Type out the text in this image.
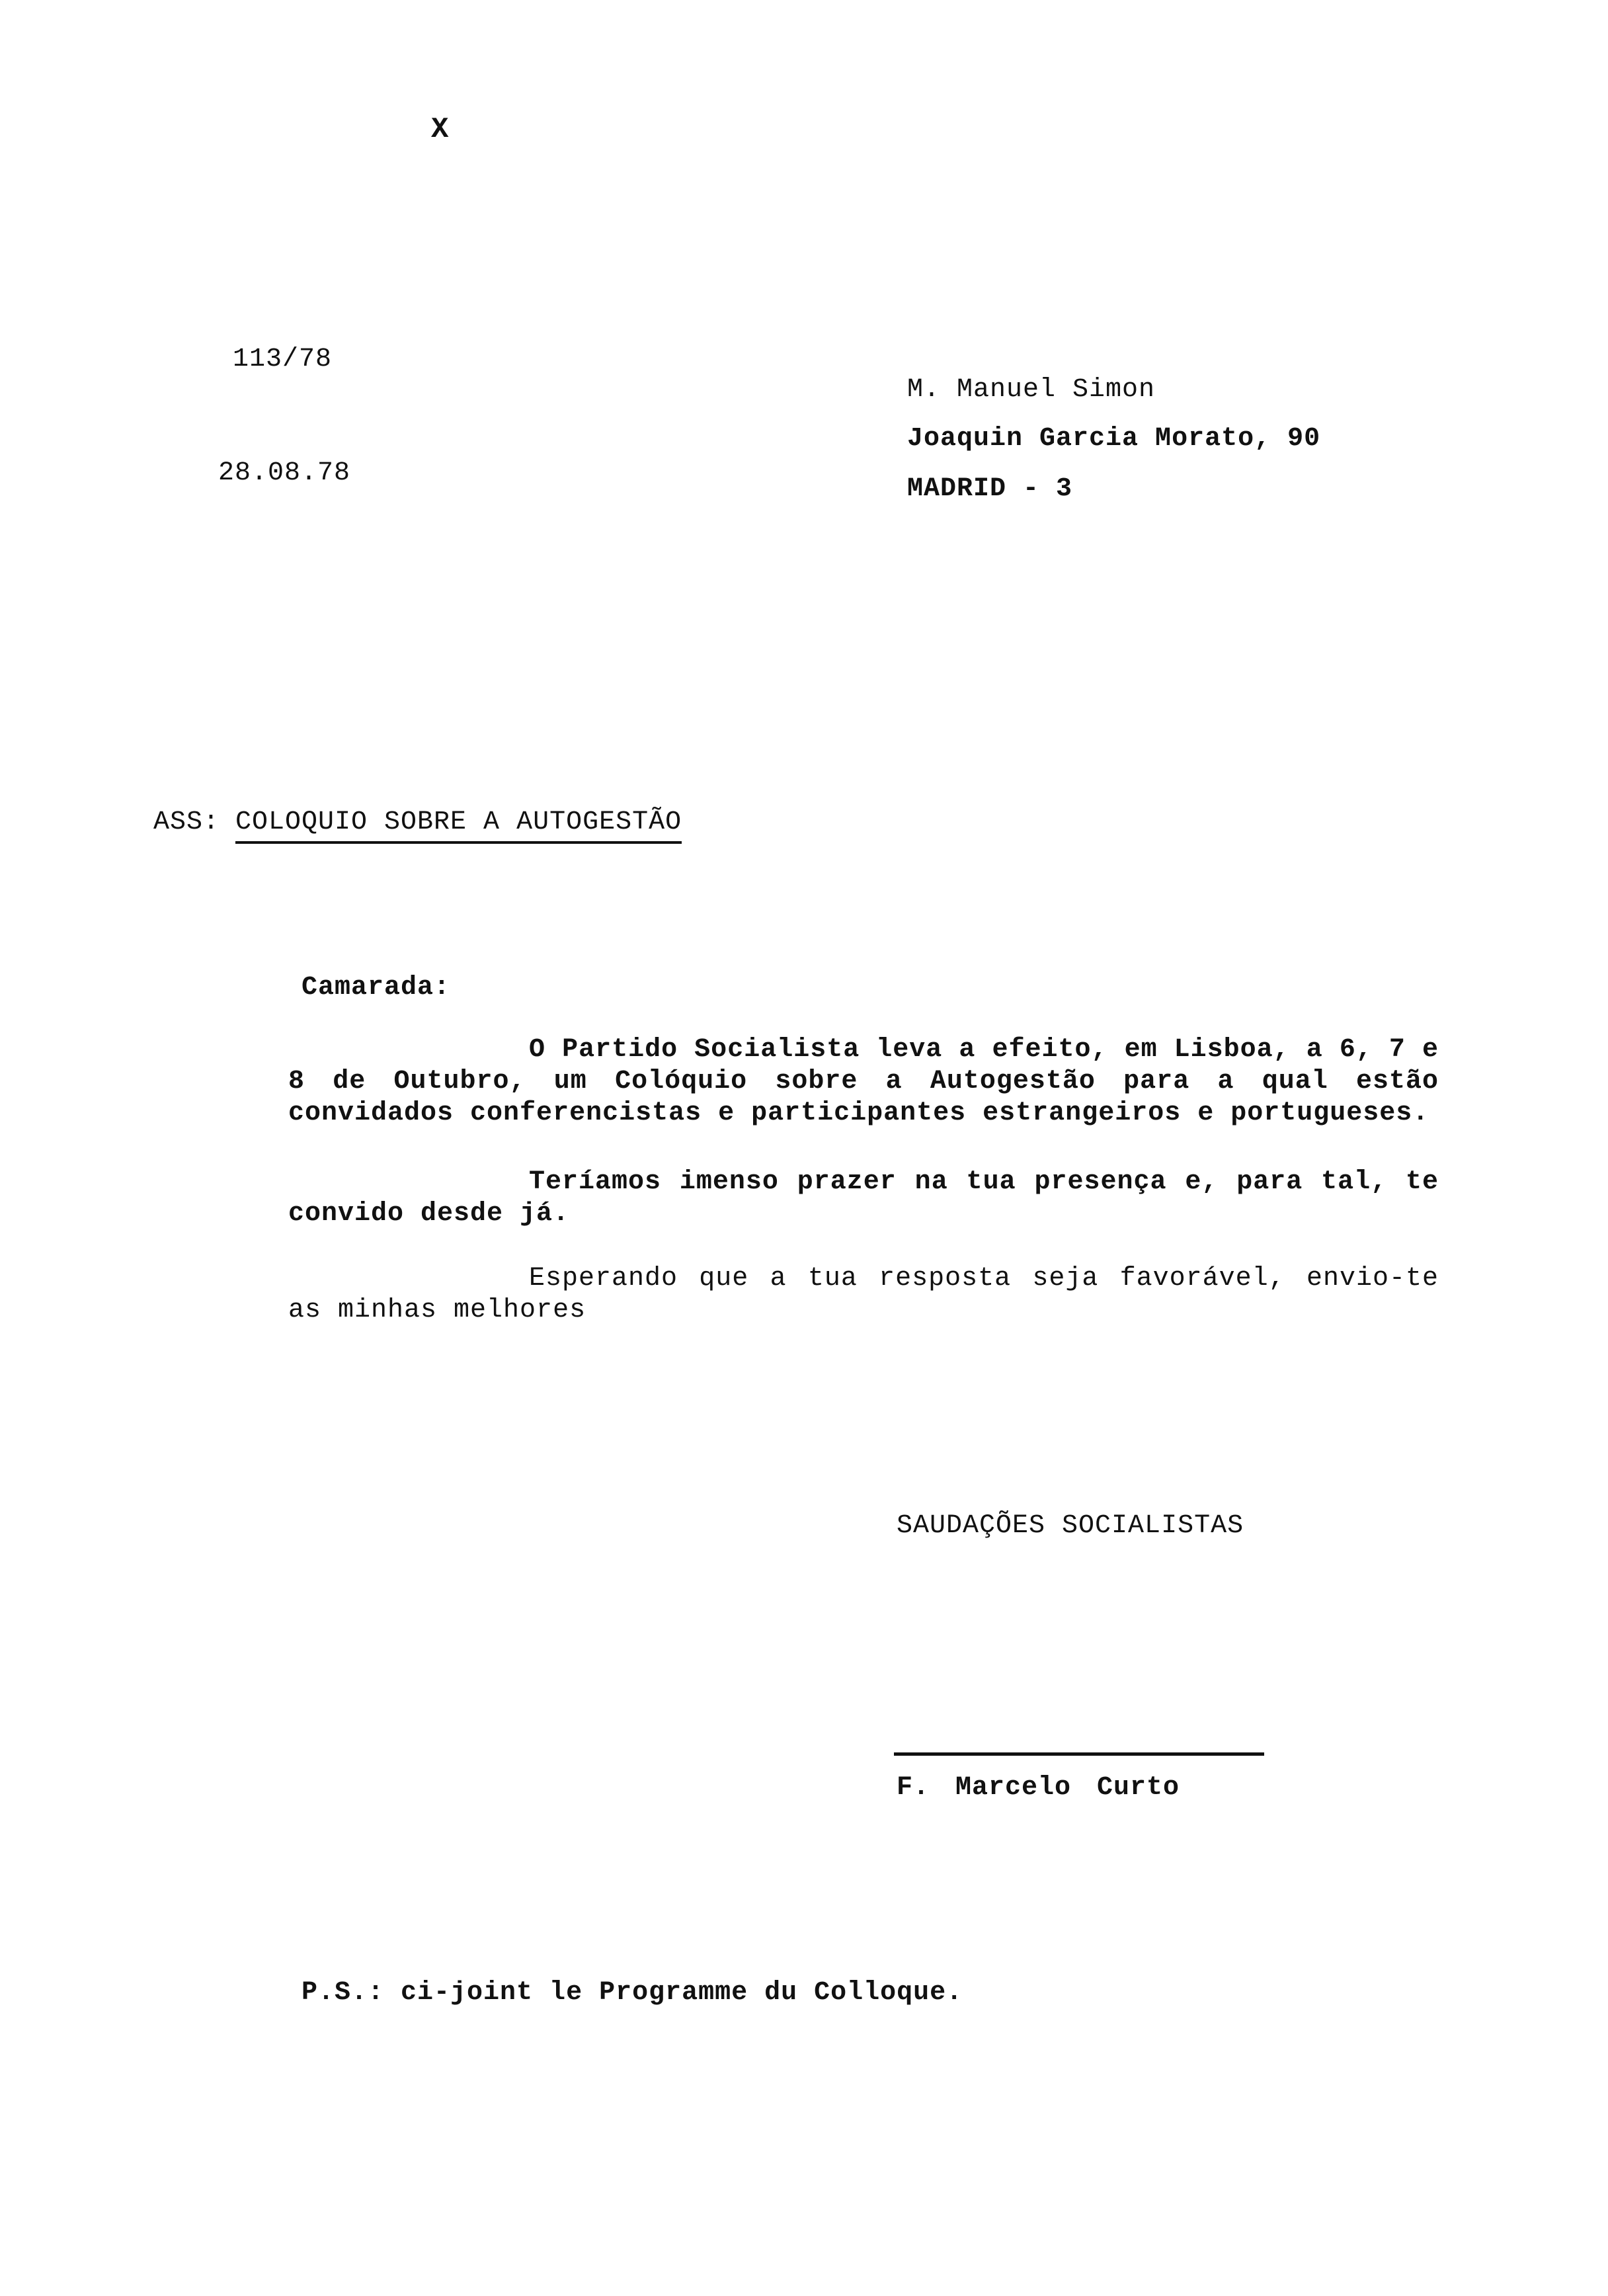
X
113/78
28.08.78
M. Manuel Simon
Joaquin Garcia Morato, 90
MADRID - 3
ASS: COLOQUIO SOBRE A AUTOGESTÃO
Camarada:
O Partido Socialista leva a efeito, em Lisboa, a 6, 7 e 8 de Outubro, um Colóquio sobre a Autogestão para a qual estão convidados conferencistas e participantes estrangeiros e portugueses.
Teríamos imenso prazer na tua presença e, para tal, te convido desde já.
Esperando que a tua resposta seja favorável, envio-te as minhas melhores
SAUDAÇÕES SOCIALISTAS
F. Marcelo Curto
P.S.: ci-joint le Programme du Colloque.
